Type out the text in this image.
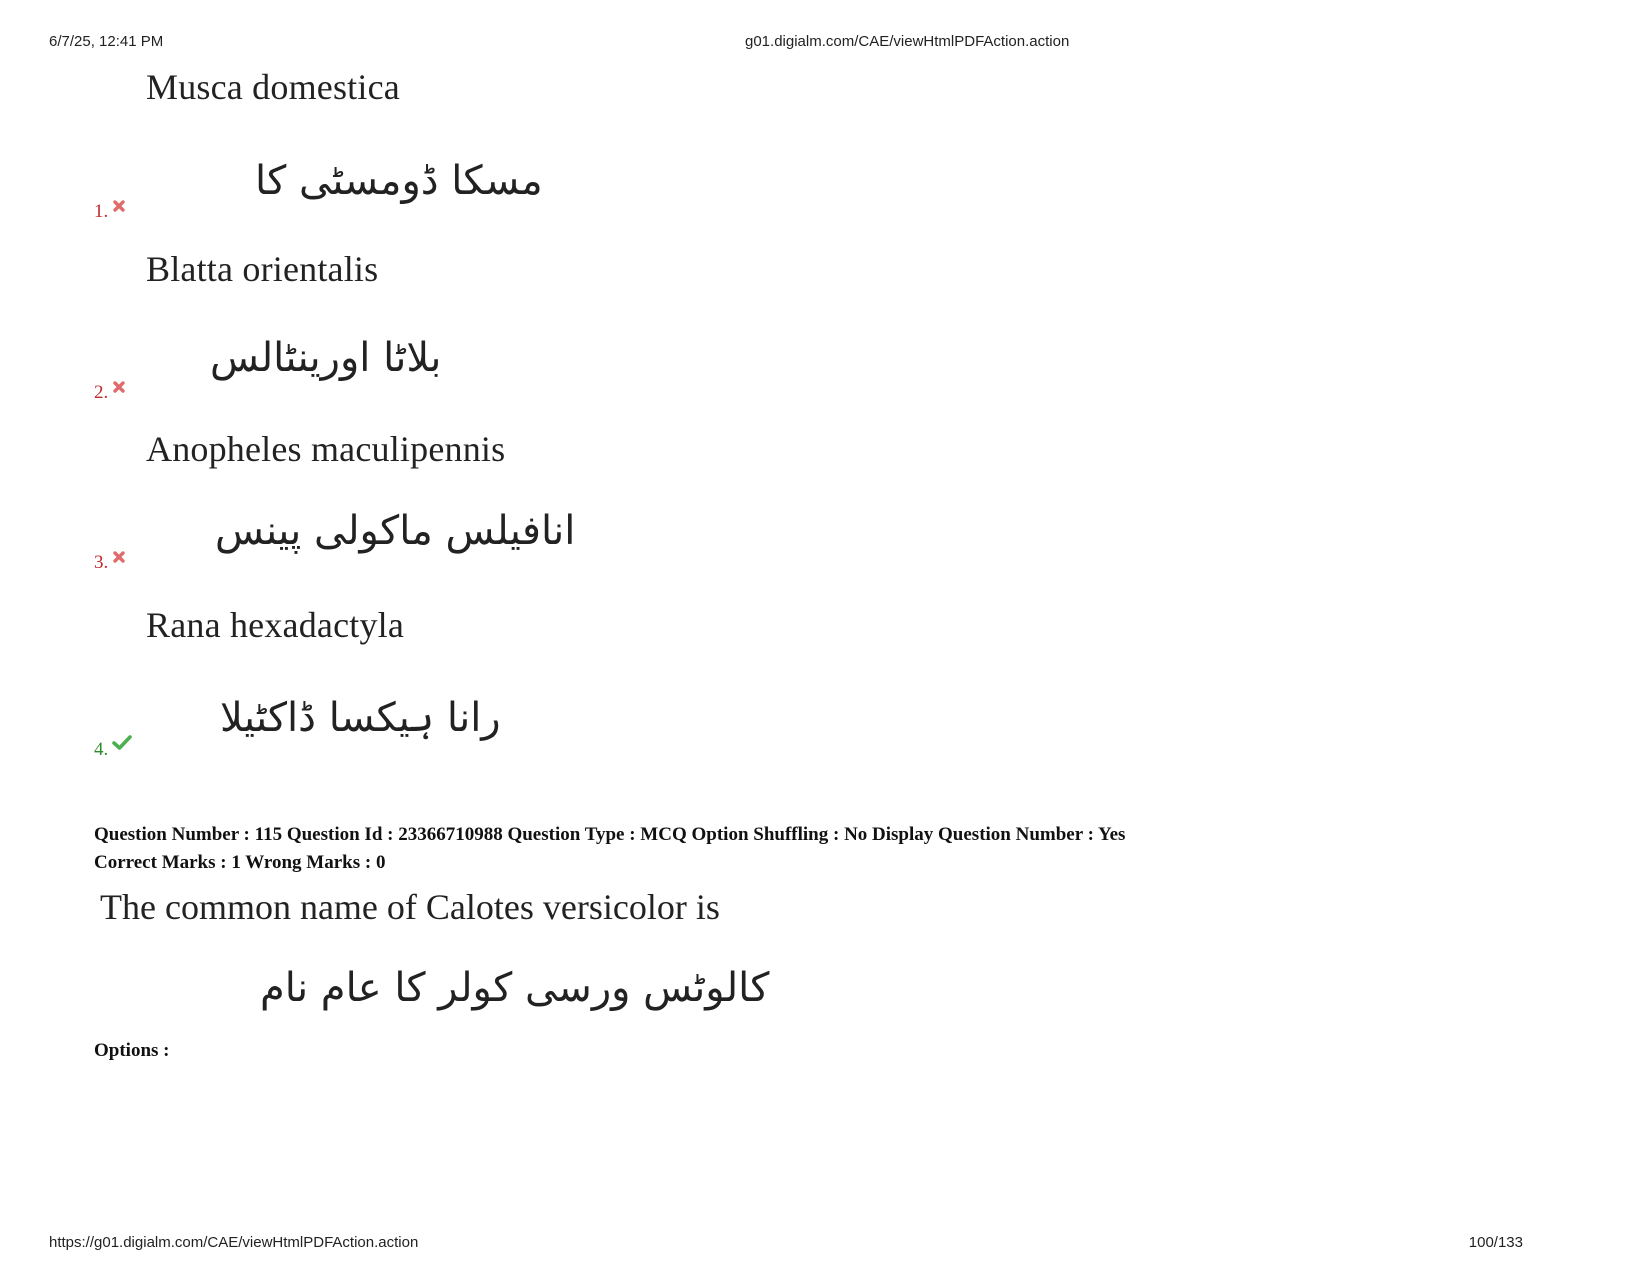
6/7/25, 12:41 PM	g01.digialm.com/CAE/viewHtmlPDFAction.action
Musca domestica
مسکا ڈومسٹی کا
1.
Blatta orientalis
بلاٹا اورینٹالس
2.
Anopheles maculipennis
انافیلس ماکولی پینس
3.
Rana hexadactyla
رانا ہیکسا ڈاکٹیلا
4.
Question Number : 115 Question Id : 23366710988 Question Type : MCQ Option Shuffling : No Display Question Number : Yes
Correct Marks : 1 Wrong Marks : 0
The common name of Calotes versicolor is
کالوٹس ورسی کولر کا عام نام
Options :
https://g01.digialm.com/CAE/viewHtmlPDFAction.action	100/133
